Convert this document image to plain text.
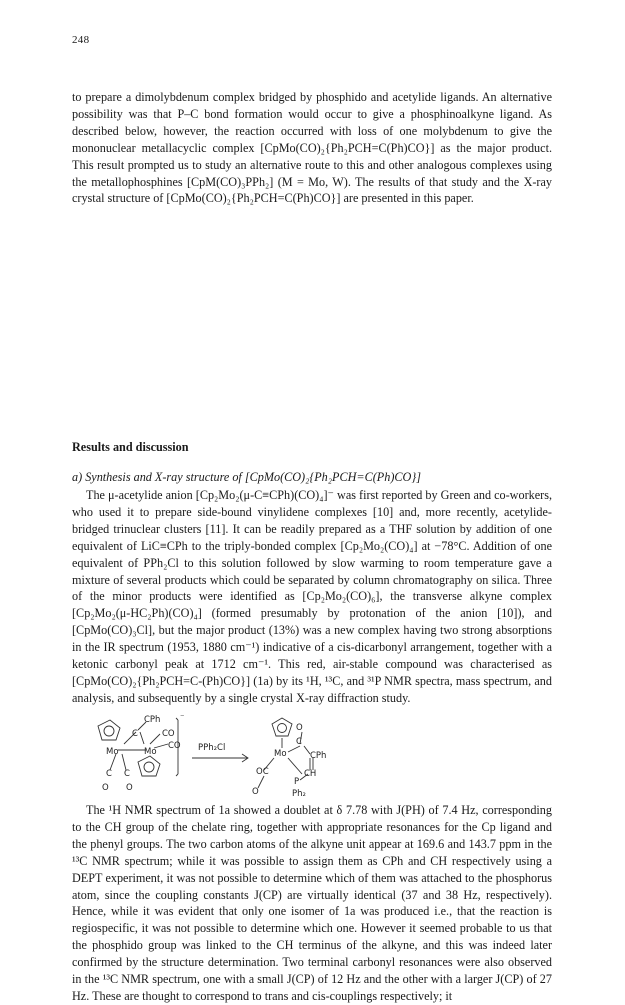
248

to prepare a dimolybdenum complex bridged by phosphido and acetylide ligands. An alternative possibility was that P–C bond formation would occur to give a phosphinoalkyne ligand. As described below, however, the reaction occurred with loss of one molybdenum to give the mononuclear metallacyclic complex [CpMo(CO)₂{Ph₂PCH=C(Ph)CO}] as the major product. This result prompted us to study an alternative route to this and other analogous complexes using the metallophosphines [CpM(CO)₃PPh₂] (M = Mo, W). The results of that study and the X-ray crystal structure of [CpMo(CO)₂{Ph₂PCH=C(Ph)CO}] are presented in this paper.

Results and discussion
a) Synthesis and X-ray structure of [CpMo(CO)₂{Ph₂PCH=C(Ph)CO}]

The μ-acetylide anion [Cp₂Mo₂(μ-C≡CPh)(CO)₄]⁻ was first reported by Green and co-workers, who used it to prepare side-bound vinylidene complexes [10] and, more recently, acetylide-bridged trinuclear clusters [11]. It can be readily prepared as a THF solution by addition of one equivalent of LiC≡CPh to the triply-bonded complex [Cp₂Mo₂(CO)₄] at −78°C. Addition of one equivalent of PPh₂Cl to this solution followed by slow warming to room temperature gave a mixture of several products which could be separated by column chromatography on silica. Three of the minor products were identified as [Cp₂Mo₂(CO)₆], the transverse alkyne complex [Cp₂Mo₂(μ-HC₂Ph)(CO)₄] (formed presumably by protonation of the anion [10]), and [CpMo(CO)₃Cl], but the major product (13%) was a new complex having two strong absorptions in the IR spectrum (1953, 1880 cm⁻¹) indicative of a cis-dicarbonyl arrangement, together with a ketonic carbonyl peak at 1712 cm⁻¹. This red, air-stable compound was characterised as [CpMo(CO)₂{Ph₂PCH=C-(Ph)CO}] (1a) by its ¹H, ¹³C, and ³¹P NMR spectra, mass spectrum, and analysis, and subsequently by a single crystal X-ray diffraction study.

CPh ⁻
C	CO
CO
Mo	Mo
C C
O O
PPh₂Cl
O
Mo
C
CPh
OC	CH
P
O	Ph₂

The ¹H NMR spectrum of 1a showed a doublet at δ 7.78 with J(PH) of 7.4 Hz, corresponding to the CH group of the chelate ring, together with appropriate resonances for the Cp ligand and the phenyl groups. The two carbon atoms of the alkyne unit appear at 169.6 and 143.7 ppm in the ¹³C NMR spectrum; while it was possible to assign them as CPh and CH respectively using a DEPT experiment, it was not possible to determine which of them was attached to the phosphorus atom, since the coupling constants J(CP) are virtually identical (37 and 38 Hz, respectively). Hence, while it was evident that only one isomer of 1a was produced i.e., that the reaction is regiospecific, it was not possible to determine which one. However it seemed probable to us that the phosphido group was linked to the CH terminus of the alkyne, and this was indeed later confirmed by the structure determination. Two terminal carbonyl resonances were also observed in the ¹³C NMR spectrum, one with a small J(CP) of 12 Hz and the other with a larger J(CP) of 27 Hz. These are thought to correspond to trans and cis-couplings respectively; it
